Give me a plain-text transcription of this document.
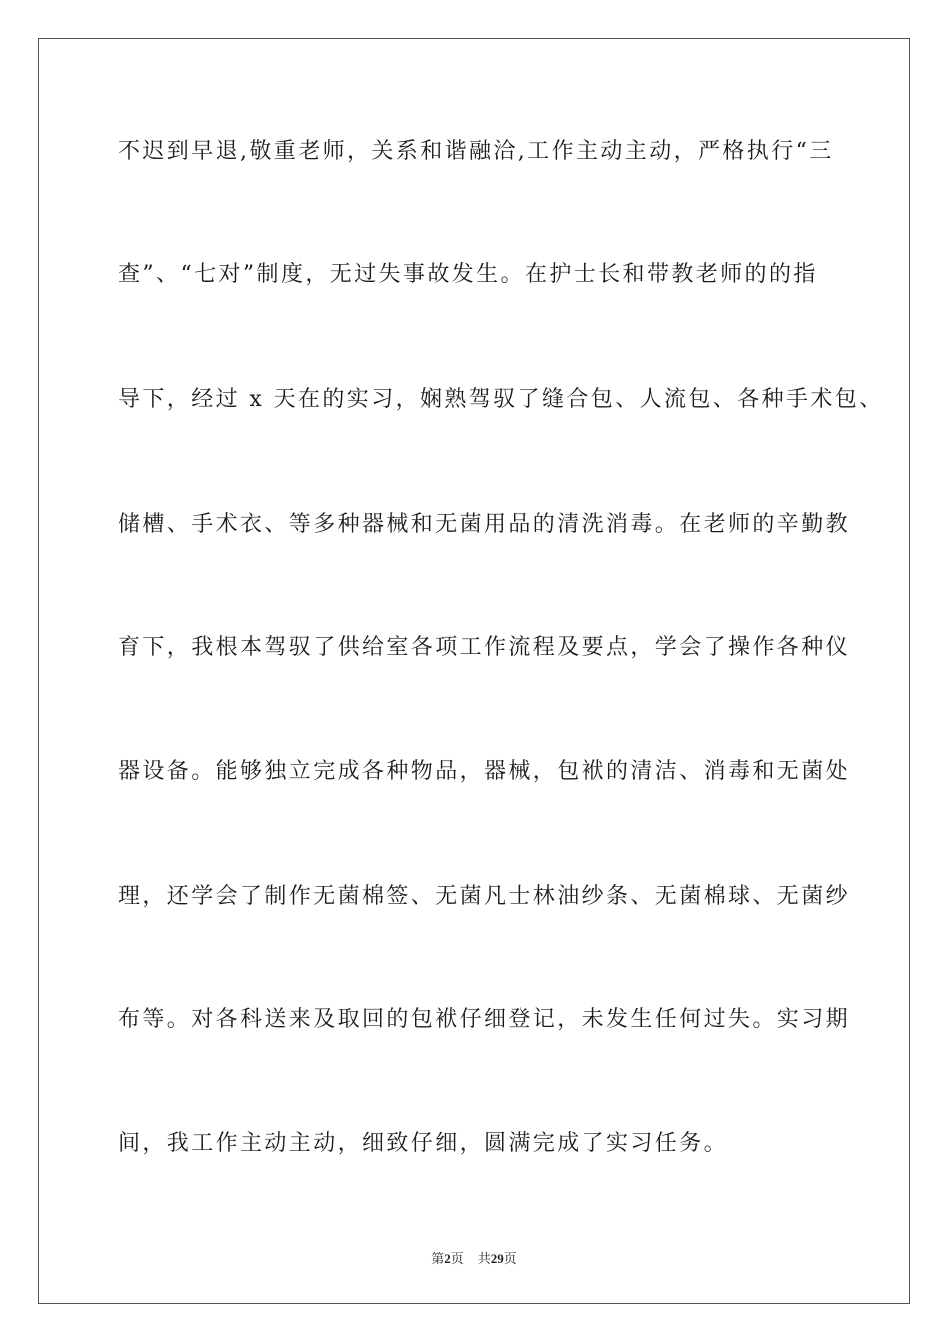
不迟到早退,敬重老师，关系和谐融洽,工作主动主动，严格执行“三
查”、“七对”制度，无过失事故发生。在护士长和带教老师的的指
导下，经过 x 天在的实习，娴熟驾驭了缝合包、人流包、各种手术包、
储槽、手术衣、等多种器械和无菌用品的清洗消毒。在老师的辛勤教
育下，我根本驾驭了供给室各项工作流程及要点，学会了操作各种仪
器设备。能够独立完成各种物品，器械，包袱的清洁、消毒和无菌处
理，还学会了制作无菌棉签、无菌凡士林油纱条、无菌棉球、无菌纱
布等。对各科送来及取回的包袱仔细登记，未发生任何过失。实习期
间，我工作主动主动，细致仔细，圆满完成了实习任务。
第2页 共29页
